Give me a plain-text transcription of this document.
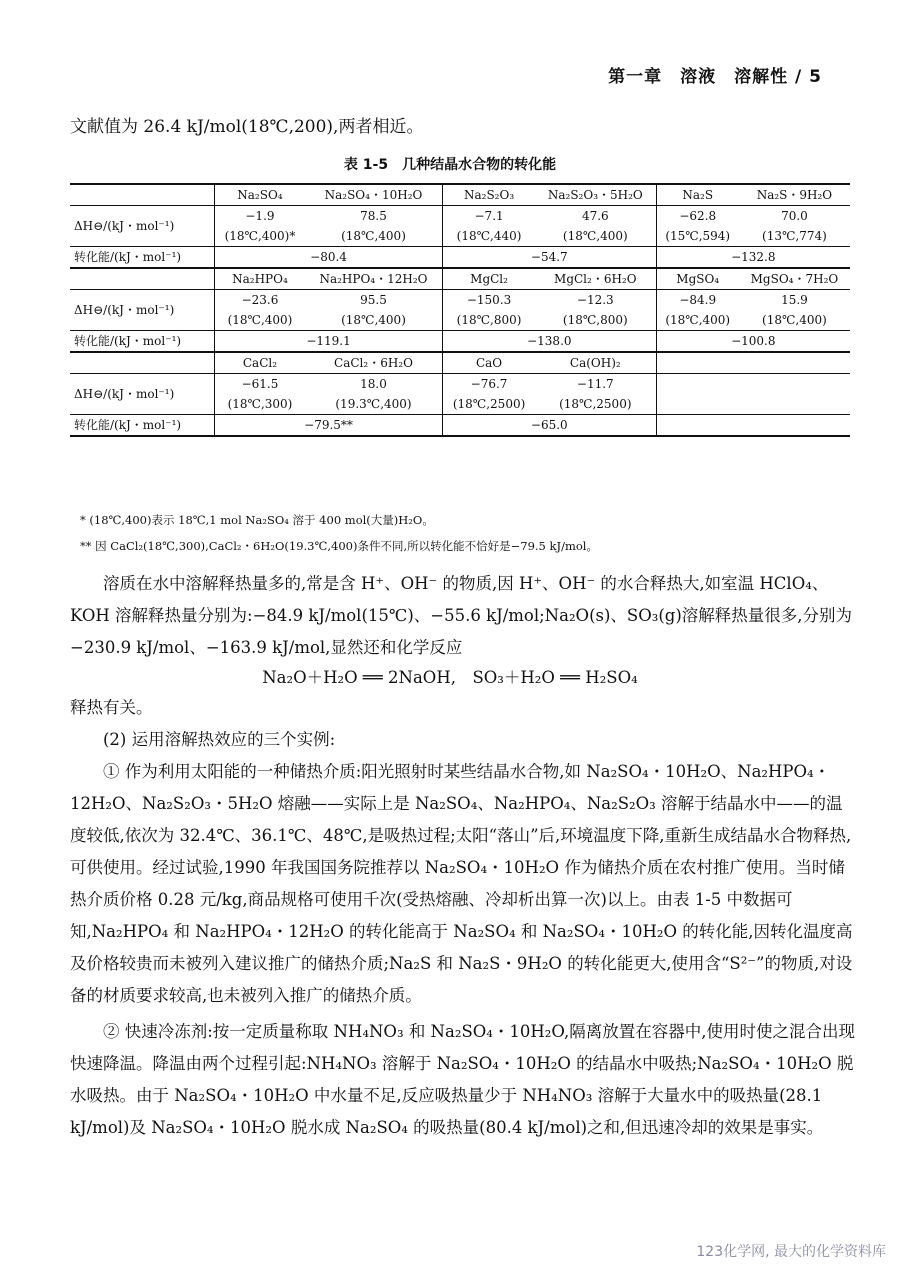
第一章　溶液　溶解性 / 5
文献值为 26.4 kJ/mol(18℃,200),两者相近。
表 1-5　几种结晶水合物的转化能
	Na₂SO₄	Na₂SO₄・10H₂O	Na₂S₂O₃	Na₂S₂O₃・5H₂O	Na₂S	Na₂S・9H₂O
ΔH⊖/(kJ・mol⁻¹)	−1.9	78.5	−7.1	47.6	−62.8	70.0
	(18℃,400)*	(18℃,400)	(18℃,440)	(18℃,400)	(15℃,594)	(13℃,774)
转化能/(kJ・mol⁻¹)	−80.4		−54.7		−132.8	
	Na₂HPO₄	Na₂HPO₄・12H₂O	MgCl₂	MgCl₂・6H₂O	MgSO₄	MgSO₄・7H₂O
ΔH⊖/(kJ・mol⁻¹)	−23.6	95.5	−150.3	−12.3	−84.9	15.9
	(18℃,400)	(18℃,400)	(18℃,800)	(18℃,800)	(18℃,400)	(18℃,400)
转化能/(kJ・mol⁻¹)	−119.1		−138.0		−100.8	
	CaCl₂	CaCl₂・6H₂O	CaO	Ca(OH)₂		
ΔH⊖/(kJ・mol⁻¹)	−61.5	18.0	−76.7	−11.7		
	(18℃,300)	(19.3℃,400)	(18℃,2500)	(18℃,2500)		
转化能/(kJ・mol⁻¹)	−79.5**		−65.0			
* (18℃,400)表示 18℃,1 mol Na₂SO₄ 溶于 400 mol(大量)H₂O。
** 因 CaCl₂(18℃,300),CaCl₂・6H₂O(19.3℃,400)条件不同,所以转化能不恰好是−79.5 kJ/mol。
溶质在水中溶解释热量多的,常是含 H⁺、OH⁻ 的物质,因 H⁺、OH⁻ 的水合释热大,如室温 HClO₄、KOH 溶解释热量分别为:−84.9 kJ/mol(15℃)、−55.6 kJ/mol;Na₂O(s)、SO₃(g)溶解释热量很多,分别为−230.9 kJ/mol、−163.9 kJ/mol,显然还和化学反应
Na₂O＋H₂O ══ 2NaOH,　SO₃＋H₂O ══ H₂SO₄
释热有关。
(2) 运用溶解热效应的三个实例:
① 作为利用太阳能的一种储热介质:阳光照射时某些结晶水合物,如 Na₂SO₄・10H₂O、Na₂HPO₄・12H₂O、Na₂S₂O₃・5H₂O 熔融——实际上是 Na₂SO₄、Na₂HPO₄、Na₂S₂O₃ 溶解于结晶水中——的温度较低,依次为 32.4℃、36.1℃、48℃,是吸热过程;太阳“落山”后,环境温度下降,重新生成结晶水合物释热,可供使用。经过试验,1990 年我国国务院推荐以 Na₂SO₄・10H₂O 作为储热介质在农村推广使用。当时储热介质价格 0.28 元/kg,商品规格可使用千次(受热熔融、冷却析出算一次)以上。由表 1-5 中数据可知,Na₂HPO₄ 和 Na₂HPO₄・12H₂O 的转化能高于 Na₂SO₄ 和 Na₂SO₄・10H₂O 的转化能,因转化温度高及价格较贵而未被列入建议推广的储热介质;Na₂S 和 Na₂S・9H₂O 的转化能更大,使用含“S²⁻”的物质,对设备的材质要求较高,也未被列入推广的储热介质。
② 快速冷冻剂:按一定质量称取 NH₄NO₃ 和 Na₂SO₄・10H₂O,隔离放置在容器中,使用时使之混合出现快速降温。降温由两个过程引起:NH₄NO₃ 溶解于 Na₂SO₄・10H₂O 的结晶水中吸热;Na₂SO₄・10H₂O 脱水吸热。由于 Na₂SO₄・10H₂O 中水量不足,反应吸热量少于 NH₄NO₃ 溶解于大量水中的吸热量(28.1 kJ/mol)及 Na₂SO₄・10H₂O 脱水成 Na₂SO₄ 的吸热量(80.4 kJ/mol)之和,但迅速冷却的效果是事实。
123化学网, 最大的化学资料库
